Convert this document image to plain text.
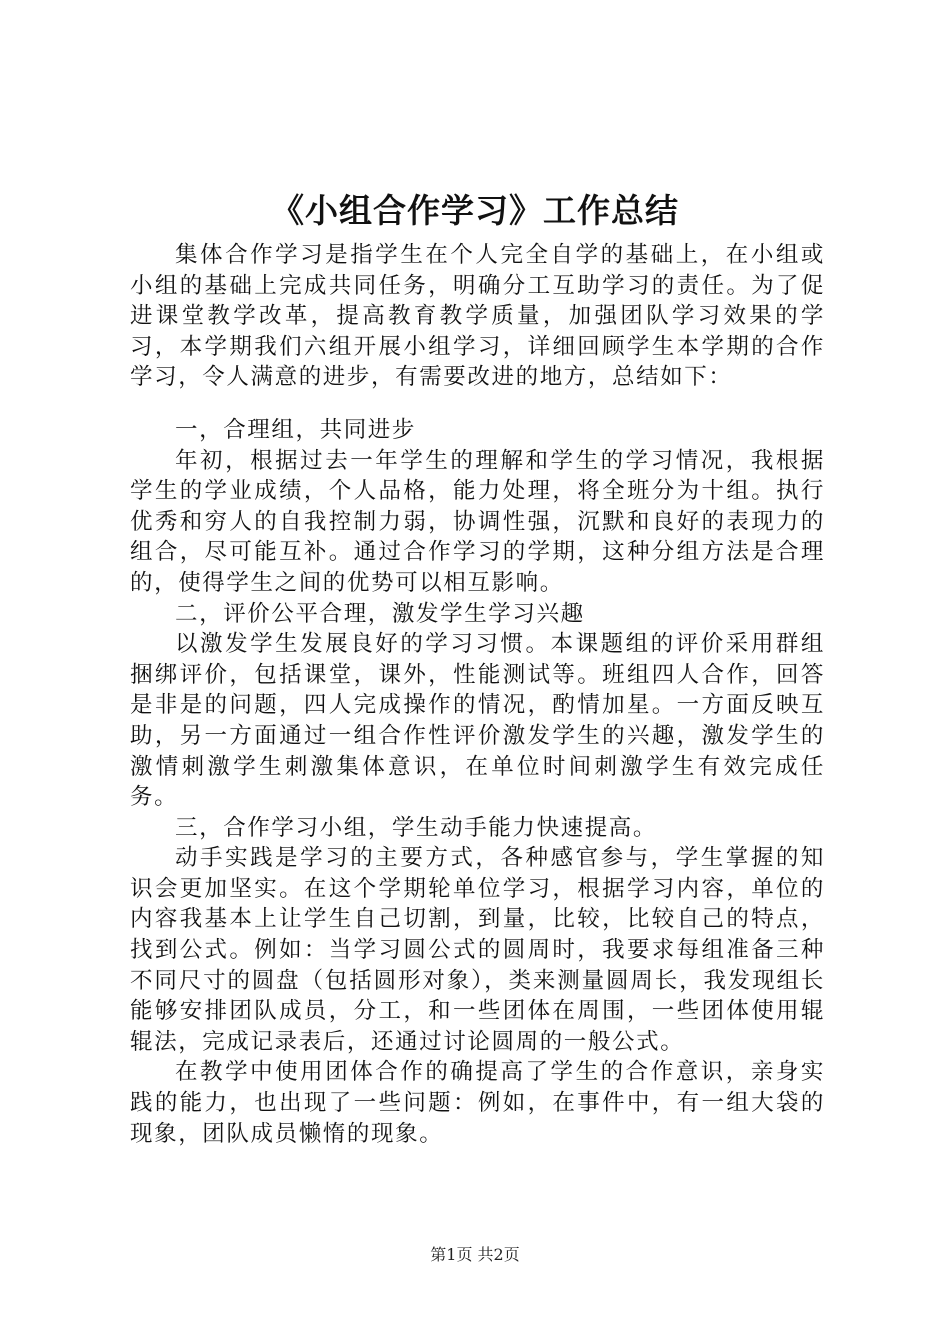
《小组合作学习》工作总结

集体合作学习是指学生在个人完全自学的基础上，在小组或小组的基础上完成共同任务，明确分工互助学习的责任。为了促进课堂教学改革，提高教育教学质量，加强团队学习效果的学习，本学期我们六组开展小组学习，详细回顾学生本学期的合作学习，令人满意的进步，有需要改进的地方，总结如下：

一，合理组，共同进步

年初，根据过去一年学生的理解和学生的学习情况，我根据学生的学业成绩，个人品格，能力处理，将全班分为十组。执行优秀和穷人的自我控制力弱，协调性强，沉默和良好的表现力的组合，尽可能互补。通过合作学习的学期，这种分组方法是合理的，使得学生之间的优势可以相互影响。

二，评价公平合理，激发学生学习兴趣

以激发学生发展良好的学习习惯。本课题组的评价采用群组捆绑评价，包括课堂，课外，性能测试等。班组四人合作，回答是非是的问题，四人完成操作的情况，酌情加星。一方面反映互助，另一方面通过一组合作性评价激发学生的兴趣，激发学生的激情刺激学生刺激集体意识，在单位时间刺激学生有效完成任务。

三，合作学习小组，学生动手能力快速提高。

动手实践是学习的主要方式，各种感官参与，学生掌握的知识会更加坚实。在这个学期轮单位学习，根据学习内容，单位的内容我基本上让学生自己切割，到量，比较，比较自己的特点，找到公式。例如：当学习圆公式的圆周时，我要求每组准备三种不同尺寸的圆盘（包括圆形对象），类来测量圆周长，我发现组长能够安排团队成员，分工，和一些团体在周围，一些团体使用辊辊法，完成记录表后，还通过讨论圆周的一般公式。

在教学中使用团体合作的确提高了学生的合作意识，亲身实践的能力，也出现了一些问题：例如，在事件中，有一组大袋的现象，团队成员懒惰的现象。

第1页 共2页
